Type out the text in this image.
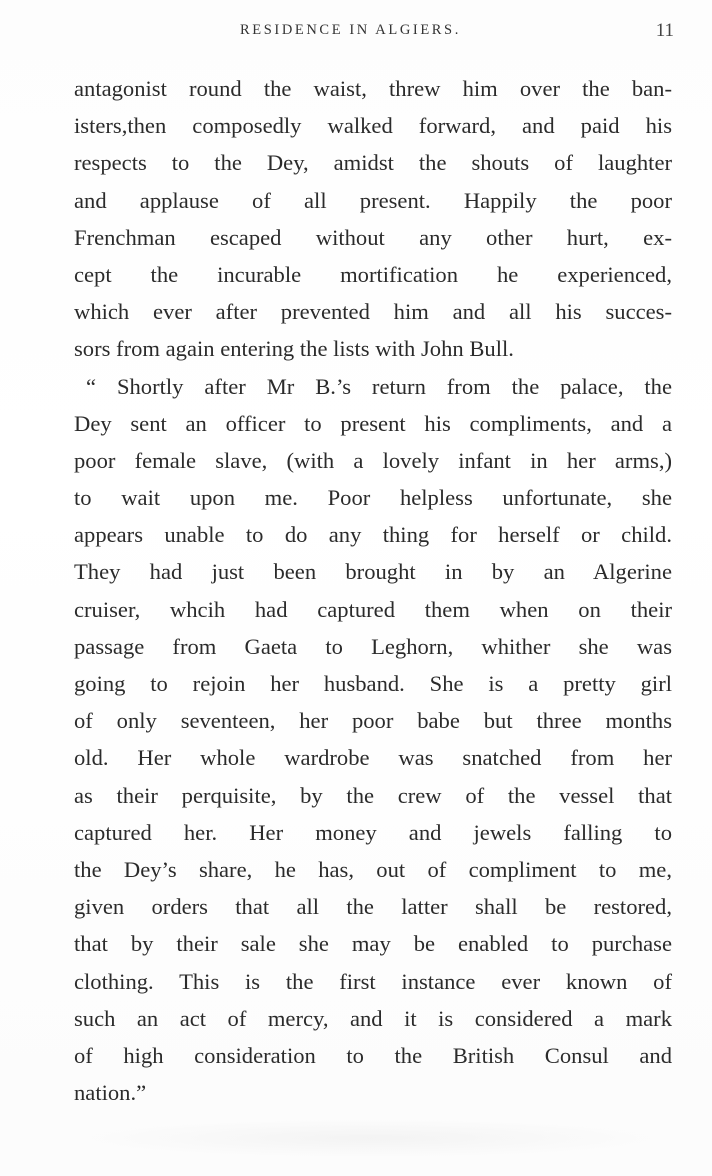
RESIDENCE IN ALGIERS.	11
antagonist round the waist, threw him over the ban-
isters,then composedly walked forward, and paid his
respects to the Dey, amidst the shouts of laughter
and applause of all present. Happily the poor
Frenchman escaped without any other hurt, ex-
cept the incurable mortification he experienced,
which ever after prevented him and all his succes-
sors from again entering the lists with John Bull.
“ Shortly after Mr B.’s return from the palace, the
Dey sent an officer to present his compliments, and a
poor female slave, (with a lovely infant in her arms,)
to wait upon me. Poor helpless unfortunate, she
appears unable to do any thing for herself or child.
They had just been brought in by an Algerine
cruiser, whcih had captured them when on their
passage from Gaeta to Leghorn, whither she was
going to rejoin her husband. She is a pretty girl
of only seventeen, her poor babe but three months
old. Her whole wardrobe was snatched from her
as their perquisite, by the crew of the vessel that
captured her. Her money and jewels falling to
the Dey’s share, he has, out of compliment to me,
given orders that all the latter shall be restored,
that by their sale she may be enabled to purchase
clothing. This is the first instance ever known of
such an act of mercy, and it is considered a mark
of high consideration to the British Consul and
nation.”
